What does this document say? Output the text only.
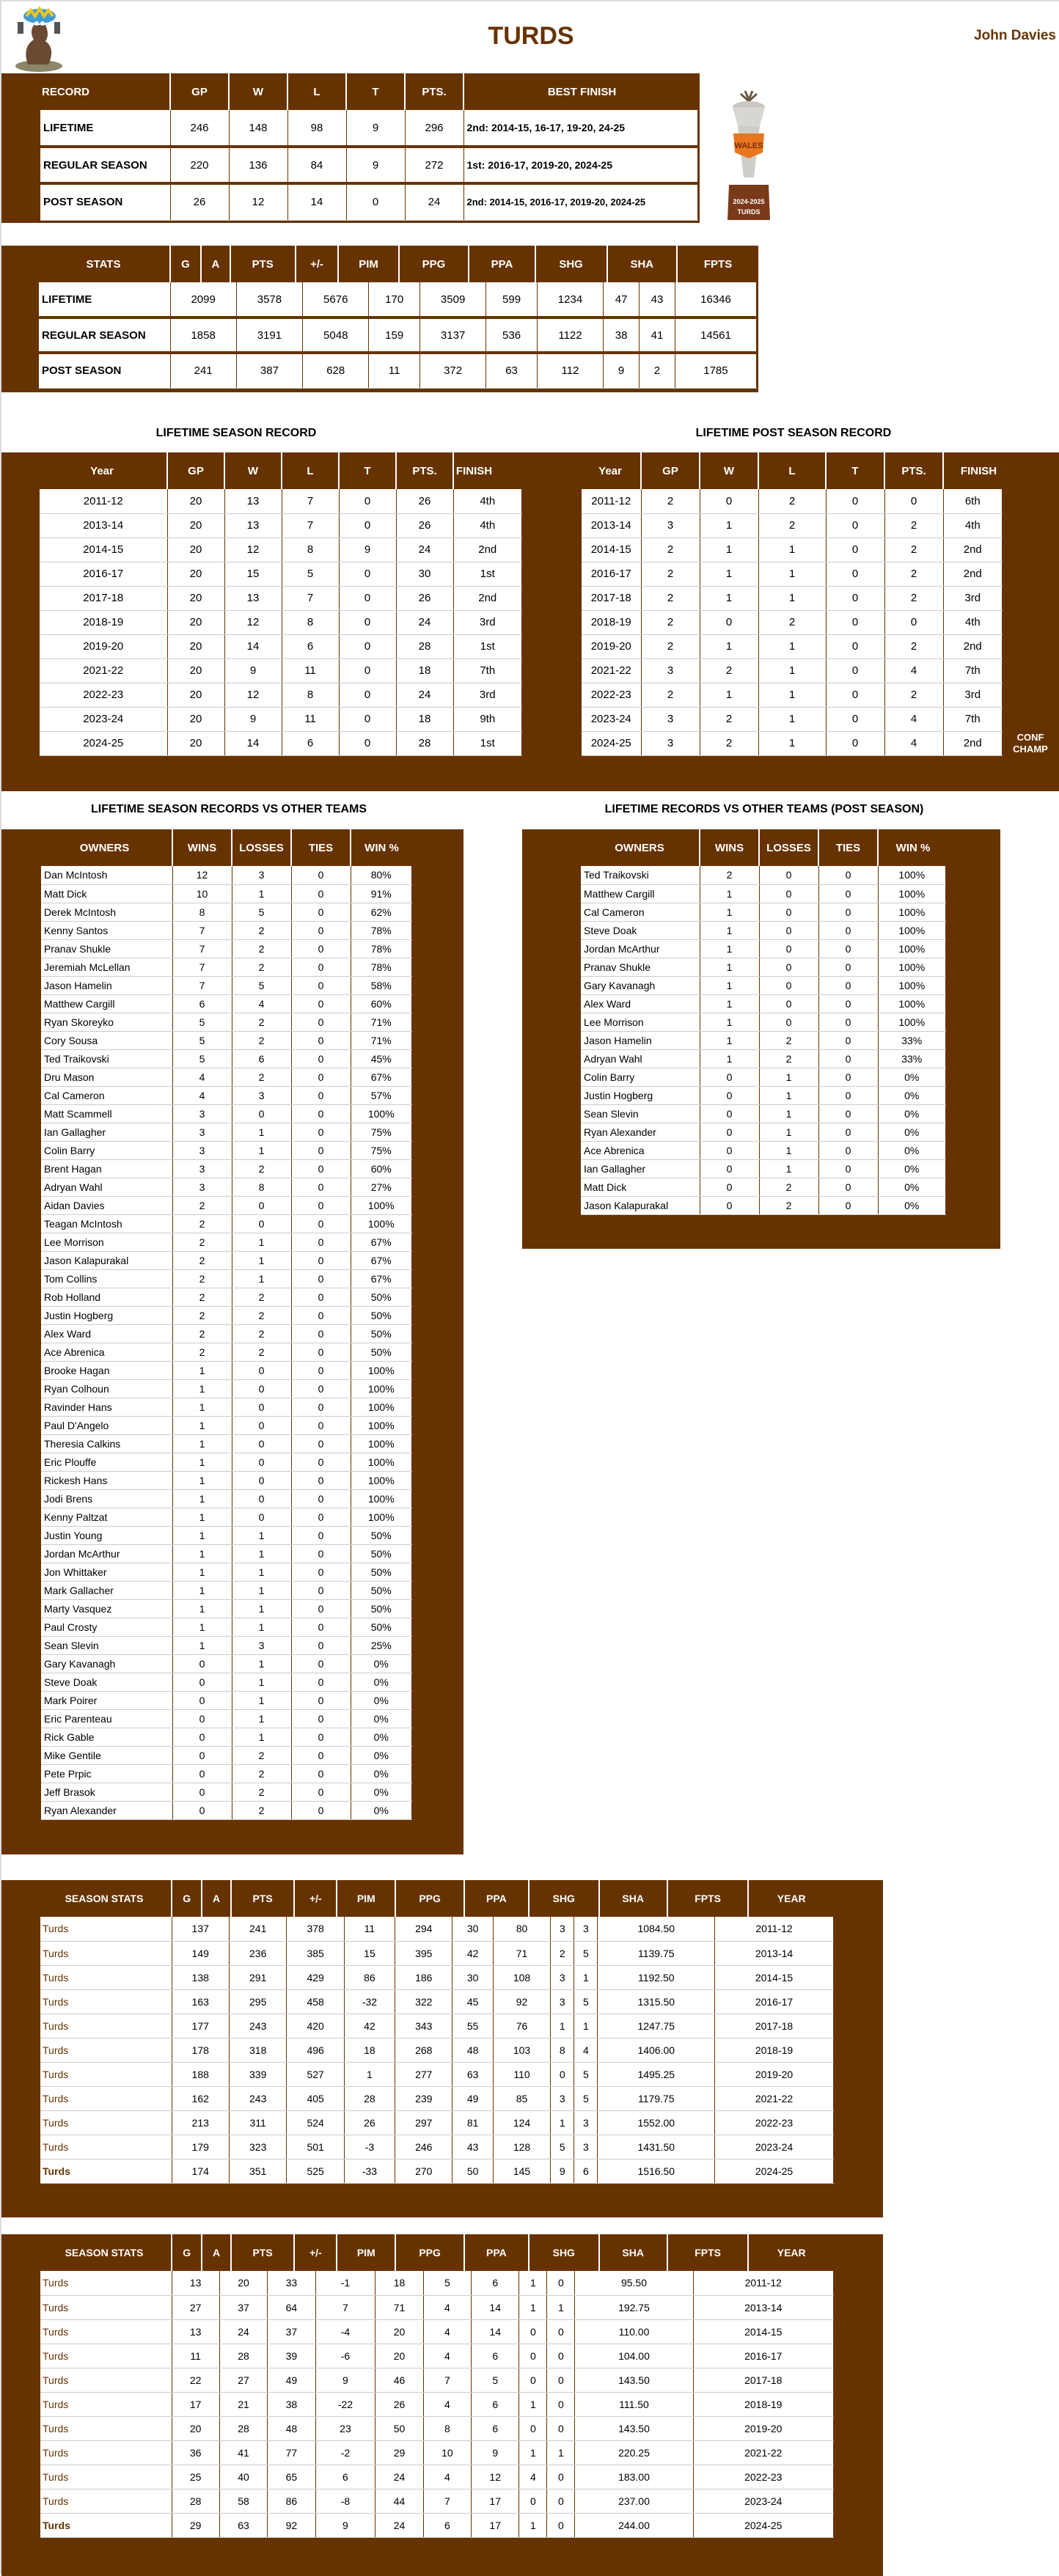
TURDS	John Davies
WALES
2024-2025
TURDS
RECORD	GP	W	L	T	PTS.	BEST FINISH
LIFETIME	246	148	98	9	296	2nd: 2014-15, 16-17, 19-20, 24-25
REGULAR SEASON	220	136	84	9	272	1st: 2016-17, 2019-20, 2024-25
POST SEASON	26	12	14	0	24	2nd: 2014-15, 2016-17, 2019-20, 2024-25
STATS	G	A	PTS	+/-	PIM	PPG	PPA	SHG	SHA	FPTS
LIFETIME	2099	3578	5676	170	3509	599	1234	47	43	16346
REGULAR SEASON	1858	3191	5048	159	3137	536	1122	38	41	14561
POST SEASON	241	387	628	11	372	63	112	9	2	1785
LIFETIME SEASON RECORD	LIFETIME POST SEASON RECORD
Year	GP	W	L	T	PTS.	FINISH
2011-12	20	13	7	0	26	4th
2013-14	20	13	7	0	26	4th
2014-15	20	12	8	9	24	2nd
2016-17	20	15	5	0	30	1st
2017-18	20	13	7	0	26	2nd
2018-19	20	12	8	0	24	3rd
2019-20	20	14	6	0	28	1st
2021-22	20	9	11	0	18	7th
2022-23	20	12	8	0	24	3rd
2023-24	20	9	11	0	18	9th
2024-25	20	14	6	0	28	1st
Year	GP	W	L	T	PTS.	FINISH
2011-12	2	0	2	0	0	6th
2013-14	3	1	2	0	2	4th
2014-15	2	1	1	0	2	2nd
2016-17	2	1	1	0	2	2nd
2017-18	2	1	1	0	2	3rd
2018-19	2	0	2	0	0	4th
2019-20	2	1	1	0	2	2nd
2021-22	3	2	1	0	4	7th
2022-23	2	1	1	0	2	3rd
2023-24	3	2	1	0	4	7th
2024-25	3	2	1	0	4	2nd	CONF CHAMP
LIFETIME SEASON RECORDS VS OTHER TEAMS	LIFETIME RECORDS VS OTHER TEAMS (POST SEASON)
OWNERS	WINS	LOSSES	TIES	WIN %
Dan McIntosh	12	3	0	80%
Matt Dick	10	1	0	91%
Derek McIntosh	8	5	0	62%
Kenny Santos	7	2	0	78%
Pranav Shukle	7	2	0	78%
Jeremiah McLellan	7	2	0	78%
Jason Hamelin	7	5	0	58%
Matthew Cargill	6	4	0	60%
Ryan Skoreyko	5	2	0	71%
Cory Sousa	5	2	0	71%
Ted Traikovski	5	6	0	45%
Dru Mason	4	2	0	67%
Cal Cameron	4	3	0	57%
Matt Scammell	3	0	0	100%
Ian Gallagher	3	1	0	75%
Colin Barry	3	1	0	75%
Brent Hagan	3	2	0	60%
Adryan Wahl	3	8	0	27%
Aidan Davies	2	0	0	100%
Teagan McIntosh	2	0	0	100%
Lee Morrison	2	1	0	67%
Jason Kalapurakal	2	1	0	67%
Tom Collins	2	1	0	67%
Rob Holland	2	2	0	50%
Justin Hogberg	2	2	0	50%
Alex Ward	2	2	0	50%
Ace Abrenica	2	2	0	50%
Brooke Hagan	1	0	0	100%
Ryan Colhoun	1	0	0	100%
Ravinder Hans	1	0	0	100%
Paul D'Angelo	1	0	0	100%
Theresia Calkins	1	0	0	100%
Eric Plouffe	1	0	0	100%
Rickesh Hans	1	0	0	100%
Jodi Brens	1	0	0	100%
Kenny Paltzat	1	0	0	100%
Justin Young	1	1	0	50%
Jordan McArthur	1	1	0	50%
Jon Whittaker	1	1	0	50%
Mark Gallacher	1	1	0	50%
Marty Vasquez	1	1	0	50%
Paul Crosty	1	1	0	50%
Sean Slevin	1	3	0	25%
Gary Kavanagh	0	1	0	0%
Steve Doak	0	1	0	0%
Mark Poirer	0	1	0	0%
Eric Parenteau	0	1	0	0%
Rick Gable	0	1	0	0%
Mike Gentile	0	2	0	0%
Pete Prpic	0	2	0	0%
Jeff Brasok	0	2	0	0%
Ryan Alexander	0	2	0	0%
OWNERS	WINS	LOSSES	TIES	WIN %
Ted Traikovski	2	0	0	100%
Matthew Cargill	1	0	0	100%
Cal Cameron	1	0	0	100%
Steve Doak	1	0	0	100%
Jordan McArthur	1	0	0	100%
Pranav Shukle	1	0	0	100%
Gary Kavanagh	1	0	0	100%
Alex Ward	1	0	0	100%
Lee Morrison	1	0	0	100%
Jason Hamelin	1	2	0	33%
Adryan Wahl	1	2	0	33%
Colin Barry	0	1	0	0%
Justin Hogberg	0	1	0	0%
Sean Slevin	0	1	0	0%
Ryan Alexander	0	1	0	0%
Ace Abrenica	0	1	0	0%
Ian Gallagher	0	1	0	0%
Matt Dick	0	2	0	0%
Jason Kalapurakal	0	2	0	0%
SEASON STATS	G	A	PTS	+/-	PIM	PPG	PPA	SHG	SHA	FPTS	YEAR
Turds	137	241	378	11	294	30	80	3	3	1084.50	2011-12
Turds	149	236	385	15	395	42	71	2	5	1139.75	2013-14
Turds	138	291	429	86	186	30	108	3	1	1192.50	2014-15
Turds	163	295	458	-32	322	45	92	3	5	1315.50	2016-17
Turds	177	243	420	42	343	55	76	1	1	1247.75	2017-18
Turds	178	318	496	18	268	48	103	8	4	1406.00	2018-19
Turds	188	339	527	1	277	63	110	0	5	1495.25	2019-20
Turds	162	243	405	28	239	49	85	3	5	1179.75	2021-22
Turds	213	311	524	26	297	81	124	1	3	1552.00	2022-23
Turds	179	323	501	-3	246	43	128	5	3	1431.50	2023-24
Turds	174	351	525	-33	270	50	145	9	6	1516.50	2024-25
SEASON STATS	G	A	PTS	+/-	PIM	PPG	PPA	SHG	SHA	FPTS	YEAR
Turds	13	20	33	-1	18	5	6	1	0	95.50	2011-12
Turds	27	37	64	7	71	4	14	1	1	192.75	2013-14
Turds	13	24	37	-4	20	4	14	0	0	110.00	2014-15
Turds	11	28	39	-6	20	4	6	0	0	104.00	2016-17
Turds	22	27	49	9	46	7	5	0	0	143.50	2017-18
Turds	17	21	38	-22	26	4	6	1	0	111.50	2018-19
Turds	20	28	48	23	50	8	6	0	0	143.50	2019-20
Turds	36	41	77	-2	29	10	9	1	1	220.25	2021-22
Turds	25	40	65	6	24	4	12	4	0	183.00	2022-23
Turds	28	58	86	-8	44	7	17	0	0	237.00	2023-24
Turds	29	63	92	9	24	6	17	1	0	244.00	2024-25
